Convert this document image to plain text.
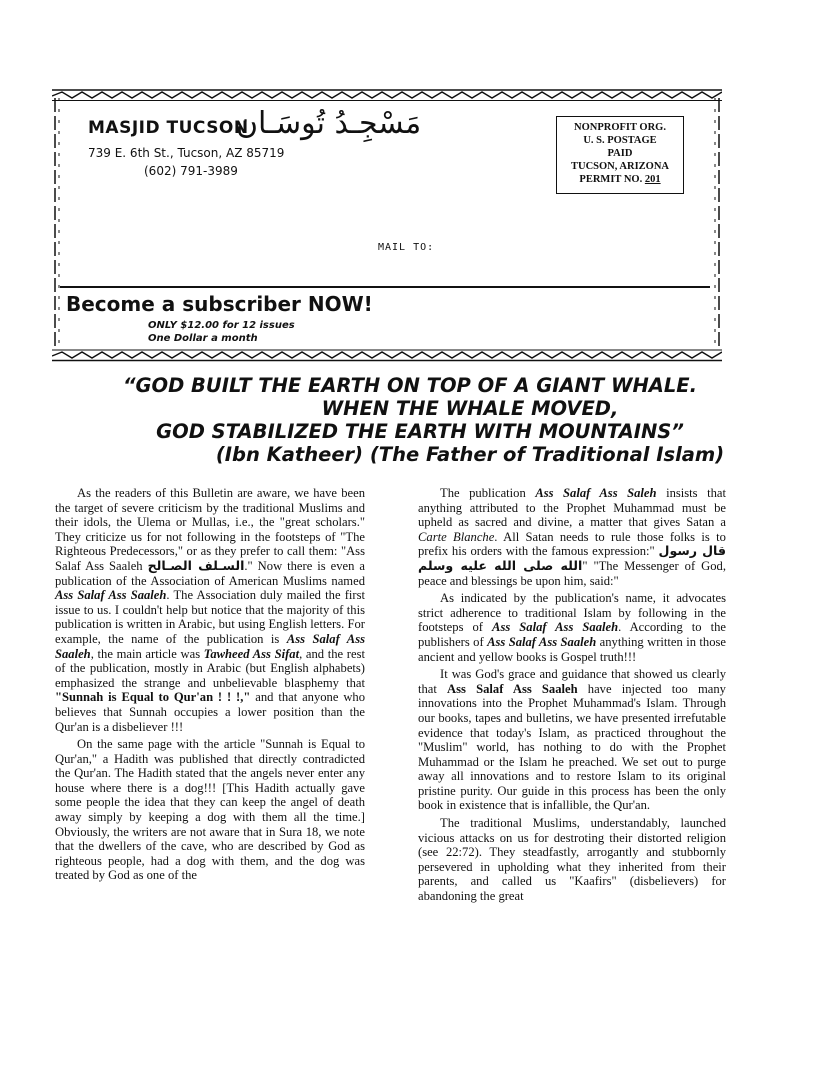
MASJID TUCSON
مَسْجِـدُ تُوسَـان
739 E. 6th St., Tucson, AZ 85719
(602) 791-3989
NONPROFIT ORG.
U. S. POSTAGE
PAID
TUCSON, ARIZONA
PERMIT NO. 201
MAIL TO:
Become a subscriber NOW!
ONLY $12.00 for 12 issues
One Dollar a month
“GOD BUILT THE EARTH ON TOP OF A GIANT WHALE.
WHEN THE WHALE MOVED,
GOD STABILIZED THE EARTH WITH MOUNTAINS”
(Ibn Katheer) (The Father of Traditional Islam)

As the readers of this Bulletin are aware, we have been the target of severe criticism by the traditional Muslims and their idols, the Ulema or Mullas, i.e., the "great scholars." They criticize us for not following in the footsteps of "The Righteous Predecessors," or as they prefer to call them: "Ass Salaf Ass Saaleh السـلف الصـالح." Now there is even a publication of the Association of American Muslims named Ass Salaf Ass Saaleh. The Association duly mailed the first issue to us. I couldn't help but notice that the majority of this publication is written in Arabic, but using English letters. For example, the name of the publication is Ass Salaf Ass Saaleh, the main article was Tawheed Ass Sifat, and the rest of the publication, mostly in Arabic (but English alphabets) emphasized the strange and unbelievable blasphemy that "Sunnah is Equal to Qur'an ! ! !," and that anyone who believes that Sunnah occupies a lower position than the Qur'an is a disbeliever !!!

On the same page with the article "Sunnah is Equal to Qur'an," a Hadith was published that directly contradicted the Qur'an. The Hadith stated that the angels never enter any house where there is a dog!!! [This Hadith actually gave some people the idea that they can keep the angel of death away simply by keeping a dog with them all the time.] Obviously, the writers are not aware that in Sura 18, we note that the dwellers of the cave, who are described by God as righteous people, had a dog with them, and the dog was treated by God as one of the

The publication Ass Salaf Ass Saleh insists that anything attributed to the Prophet Muhammad must be upheld as sacred and divine, a matter that gives Satan a Carte Blanche. All Satan needs to rule those folks is to prefix his orders with the famous expression:" قال رسول الله صلى الله عليه وسلم" "The Messenger of God, peace and blessings be upon him, said:"

As indicated by the publication's name, it advocates strict adherence to traditional Islam by following in the footsteps of Ass Salaf Ass Saaleh. According to the publishers of Ass Salaf Ass Saaleh anything written in those ancient and yellow books is Gospel truth!!!

It was God's grace and guidance that showed us clearly that Ass Salaf Ass Saaleh have injected too many innovations into the Prophet Muhammad's Islam. Through our books, tapes and bulletins, we have presented irrefutable evidence that today's Islam, as practiced throughout the "Muslim" world, has nothing to do with the Prophet Muhammad or the Islam he preached. We set out to purge away all innovations and to restore Islam to its original pristine purity. Our guide in this process has been the only book in existence that is infallible, the Qur'an.

The traditional Muslims, understandably, launched vicious attacks on us for destroting their distorted religion (see 22:72). They steadfastly, arrogantly and stubbornly persevered in upholding what they inherited from their parents, and called us "Kaafirs" (disbelievers) for abandoning the great
